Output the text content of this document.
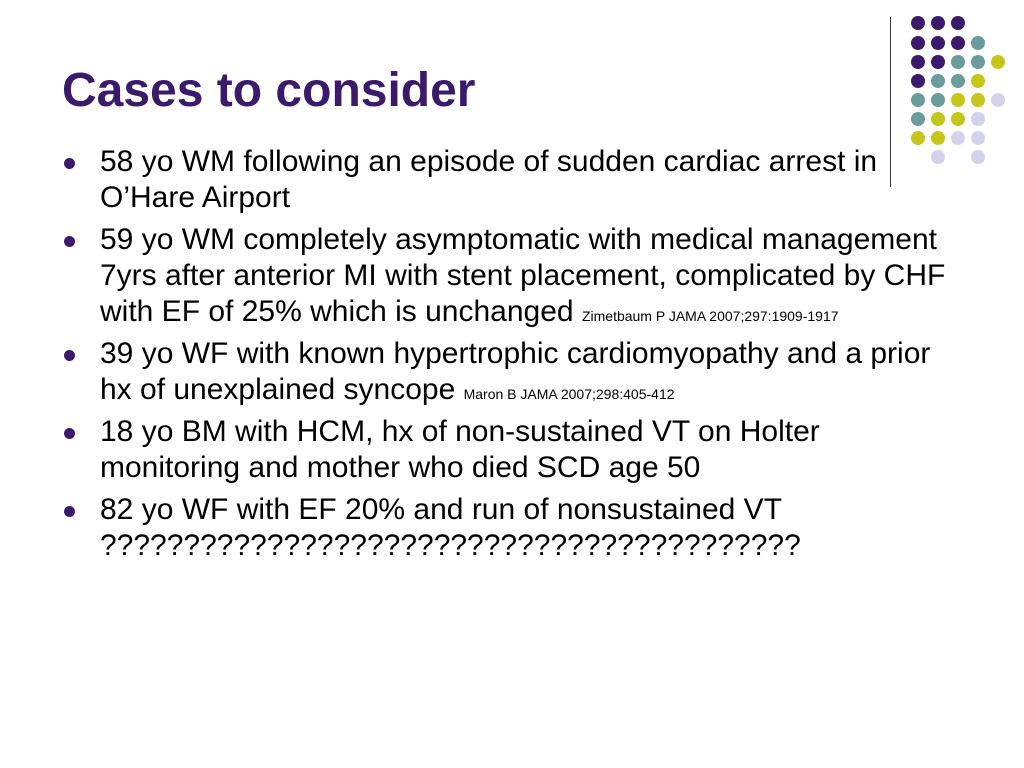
Cases to consider
58 yo WM following an episode of sudden cardiac arrest in O’Hare Airport
59 yo WM completely asymptomatic with medical management 7yrs after anterior MI with stent placement, complicated by CHF with EF of 25% which is unchanged Zimetbaum P JAMA 2007;297:1909-1917
39 yo WF with known hypertrophic cardiomyopathy and a prior hx of unexplained syncope Maron B JAMA 2007;298:405-412
18 yo BM with HCM, hx of non-sustained VT on Holter monitoring and mother who died SCD age 50
82 yo WF with EF 20% and run of nonsustained VT ??????????????????????????????????????????
